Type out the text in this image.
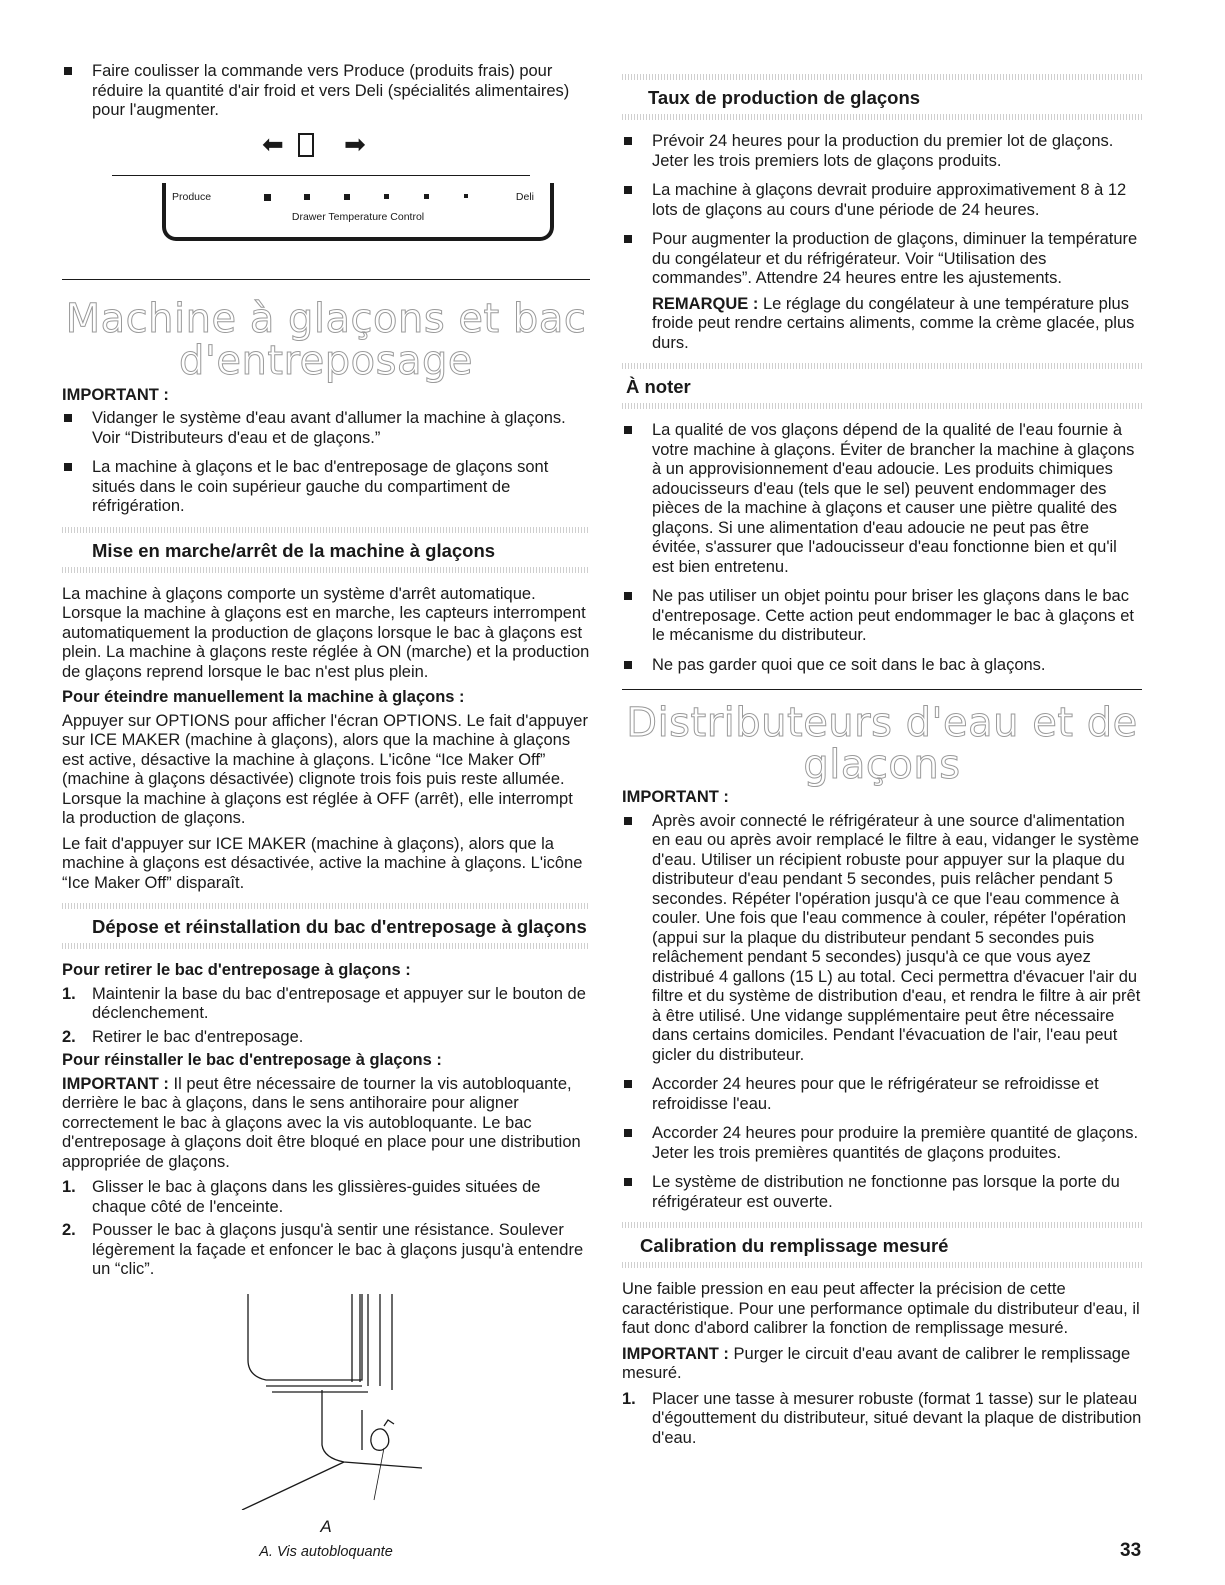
Faire coulisser la commande vers Produce (produits frais) pour réduire la quantité d'air froid et vers Deli (spécialités alimentaires) pour l'augmenter.
⬅ ➡
Produce	Deli
Drawer Temperature Control
Machine à glaçons et bac d'entreposage
IMPORTANT :
Vidanger le système d'eau avant d'allumer la machine à glaçons. Voir “Distributeurs d'eau et de glaçons.”
La machine à glaçons et le bac d'entreposage de glaçons sont situés dans le coin supérieur gauche du compartiment de réfrigération.
Mise en marche/arrêt de la machine à glaçons

La machine à glaçons comporte un système d'arrêt automatique. Lorsque la machine à glaçons est en marche, les capteurs interrompent automatiquement la production de glaçons lorsque le bac à glaçons est plein. La machine à glaçons reste réglée à ON (marche) et la production de glaçons reprend lorsque le bac n'est plus plein.

Pour éteindre manuellement la machine à glaçons :

Appuyer sur OPTIONS pour afficher l'écran OPTIONS. Le fait d'appuyer sur ICE MAKER (machine à glaçons), alors que la machine à glaçons est active, désactive la machine à glaçons. L'icône “Ice Maker Off” (machine à glaçons désactivée) clignote trois fois puis reste allumée. Lorsque la machine à glaçons est réglée à OFF (arrêt), elle interrompt la production de glaçons.

Le fait d'appuyer sur ICE MAKER (machine à glaçons), alors que la machine à glaçons est désactivée, active la machine à glaçons. L'icône “Ice Maker Off” disparaît.

Dépose et réinstallation du bac d'entreposage à glaçons
Pour retirer le bac d'entreposage à glaçons :
1. Maintenir la base du bac d'entreposage et appuyer sur le bouton de déclenchement.
2. Retirer le bac d'entreposage.
Pour réinstaller le bac d'entreposage à glaçons :

IMPORTANT : Il peut être nécessaire de tourner la vis autobloquante, derrière le bac à glaçons, dans le sens antihoraire pour aligner correctement le bac à glaçons avec la vis autobloquante. Le bac d'entreposage à glaçons doit être bloqué en place pour une distribution appropriée de glaçons.

1. Glisser le bac à glaçons dans les glissières-guides situées de chaque côté de l'enceinte.
2. Pousser le bac à glaçons jusqu'à sentir une résistance. Soulever légèrement la façade et enfoncer le bac à glaçons jusqu'à entendre un “clic”.
A
A. Vis autobloquante
Taux de production de glaçons
Prévoir 24 heures pour la production du premier lot de glaçons. Jeter les trois premiers lots de glaçons produits.
La machine à glaçons devrait produire approximativement 8 à 12 lots de glaçons au cours d'une période de 24 heures.
Pour augmenter la production de glaçons, diminuer la température du congélateur et du réfrigérateur. Voir “Utilisation des commandes”. Attendre 24 heures entre les ajustements.

REMARQUE : Le réglage du congélateur à une température plus froide peut rendre certains aliments, comme la crème glacée, plus durs.

À noter
La qualité de vos glaçons dépend de la qualité de l'eau fournie à votre machine à glaçons. Éviter de brancher la machine à glaçons à un approvisionnement d'eau adoucie. Les produits chimiques adoucisseurs d'eau (tels que le sel) peuvent endommager des pièces de la machine à glaçons et causer une piètre qualité des glaçons. Si une alimentation d'eau adoucie ne peut pas être évitée, s'assurer que l'adoucisseur d'eau fonctionne bien et qu'il est bien entretenu.
Ne pas utiliser un objet pointu pour briser les glaçons dans le bac d'entreposage. Cette action peut endommager le bac à glaçons et le mécanisme du distributeur.
Ne pas garder quoi que ce soit dans le bac à glaçons.
Distributeurs d'eau et de glaçons
IMPORTANT :
Après avoir connecté le réfrigérateur à une source d'alimentation en eau ou après avoir remplacé le filtre à eau, vidanger le système d'eau. Utiliser un récipient robuste pour appuyer sur la plaque du distributeur d'eau pendant 5 secondes, puis relâcher pendant 5 secondes. Répéter l'opération jusqu'à ce que l'eau commence à couler. Une fois que l'eau commence à couler, répéter l'opération (appui sur la plaque du distributeur pendant 5 secondes puis relâchement pendant 5 secondes) jusqu'à ce que vous ayez distribué 4 gallons (15 L) au total. Ceci permettra d'évacuer l'air du filtre et du système de distribution d'eau, et rendra le filtre à air prêt à être utilisé. Une vidange supplémentaire peut être nécessaire dans certains domiciles. Pendant l'évacuation de l'air, l'eau peut gicler du distributeur.
Accorder 24 heures pour que le réfrigérateur se refroidisse et refroidisse l'eau.
Accorder 24 heures pour produire la première quantité de glaçons. Jeter les trois premières quantités de glaçons produites.
Le système de distribution ne fonctionne pas lorsque la porte du réfrigérateur est ouverte.
Calibration du remplissage mesuré

Une faible pression en eau peut affecter la précision de cette caractéristique. Pour une performance optimale du distributeur d'eau, il faut donc d'abord calibrer la fonction de remplissage mesuré.

IMPORTANT : Purger le circuit d'eau avant de calibrer le remplissage mesuré.

1. Placer une tasse à mesurer robuste (format 1 tasse) sur le plateau d'égouttement du distributeur, situé devant la plaque de distribution d'eau.
33
